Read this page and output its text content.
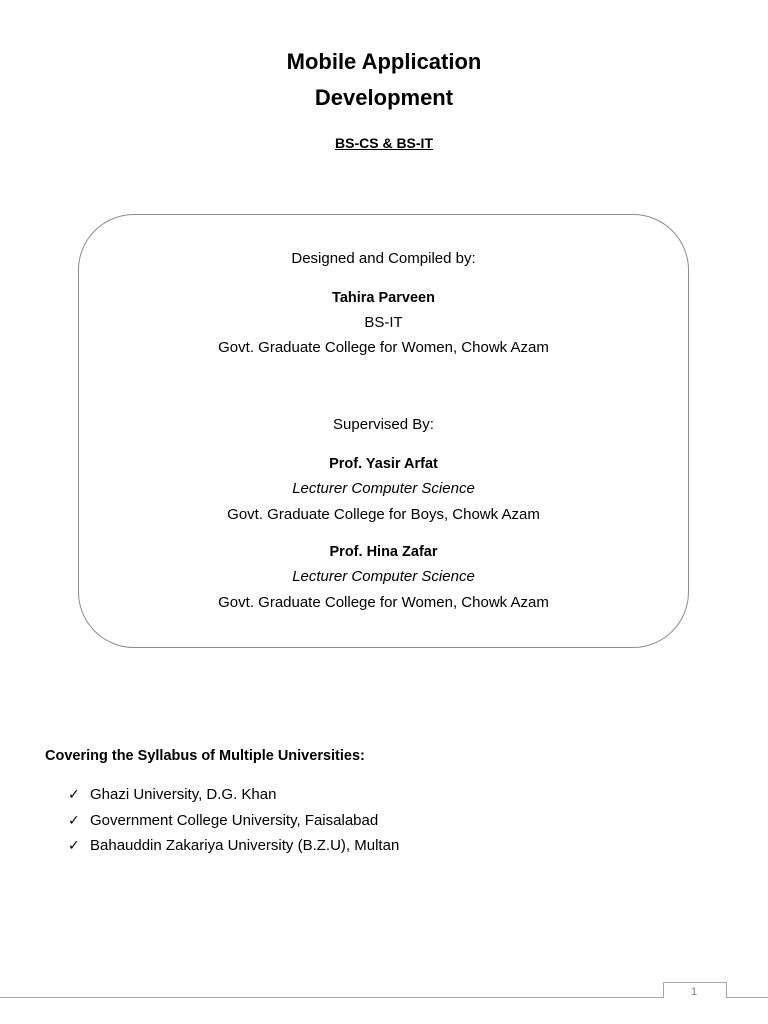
Mobile Application
Development
BS-CS & BS-IT
Designed and Compiled by:
Tahira Parveen
BS-IT
Govt. Graduate College for Women, Chowk Azam
Supervised By:
Prof. Yasir Arfat
Lecturer Computer Science
Govt. Graduate College for Boys, Chowk Azam
Prof. Hina Zafar
Lecturer Computer Science
Govt. Graduate College for Women, Chowk Azam
Covering the Syllabus of Multiple Universities:
✓ Ghazi University, D.G. Khan
✓ Government College University, Faisalabad
✓ Bahauddin Zakariya University (B.Z.U), Multan
1
